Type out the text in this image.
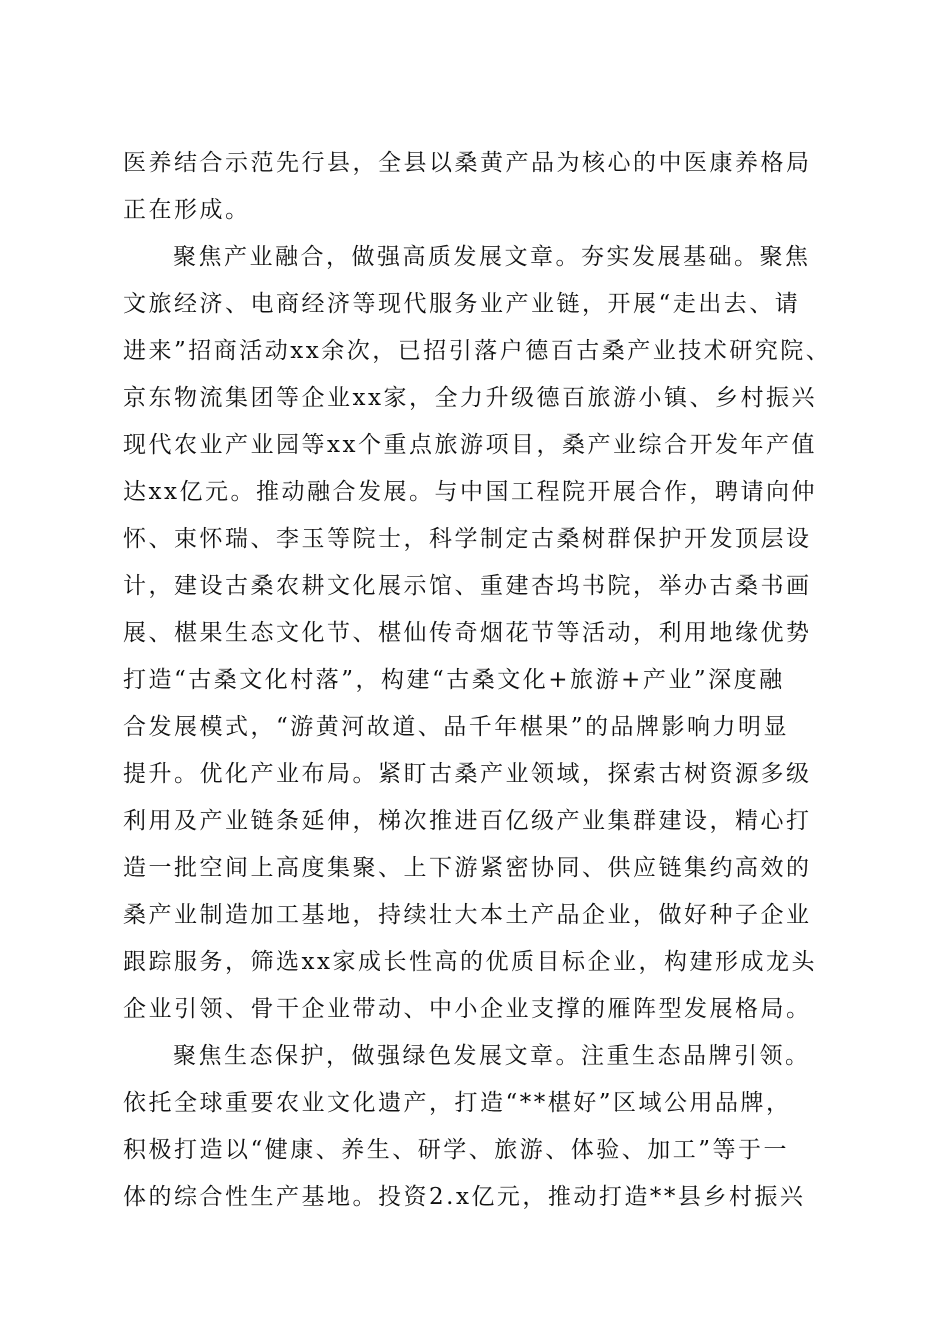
医养结合示范先行县，全县以桑黄产品为核心的中医康养格局
正在形成。
聚焦产业融合，做强高质发展文章。夯实发展基础。聚焦
文旅经济、电商经济等现代服务业产业链，开展“走出去、请
进来”招商活动xx余次，已招引落户德百古桑产业技术研究院、
京东物流集团等企业xx家，全力升级德百旅游小镇、乡村振兴
现代农业产业园等xx个重点旅游项目，桑产业综合开发年产值
达xx亿元。推动融合发展。与中国工程院开展合作，聘请向仲
怀、束怀瑞、李玉等院士，科学制定古桑树群保护开发顶层设
计，建设古桑农耕文化展示馆、重建杏坞书院，举办古桑书画
展、椹果生态文化节、椹仙传奇烟花节等活动，利用地缘优势
打造“古桑文化村落”，构建“古桑文化+旅游+产业”深度融
合发展模式，“游黄河故道、品千年椹果”的品牌影响力明显
提升。优化产业布局。紧盯古桑产业领域，探索古树资源多级
利用及产业链条延伸，梯次推进百亿级产业集群建设，精心打
造一批空间上高度集聚、上下游紧密协同、供应链集约高效的
桑产业制造加工基地，持续壮大本土产品企业，做好种子企业
跟踪服务，筛选xx家成长性高的优质目标企业，构建形成龙头
企业引领、骨干企业带动、中小企业支撑的雁阵型发展格局。
聚焦生态保护，做强绿色发展文章。注重生态品牌引领。
依托全球重要农业文化遗产，打造“**椹好”区域公用品牌，
积极打造以“健康、养生、研学、旅游、体验、加工”等于一
体的综合性生产基地。投资2.x亿元，推动打造**县乡村振兴
